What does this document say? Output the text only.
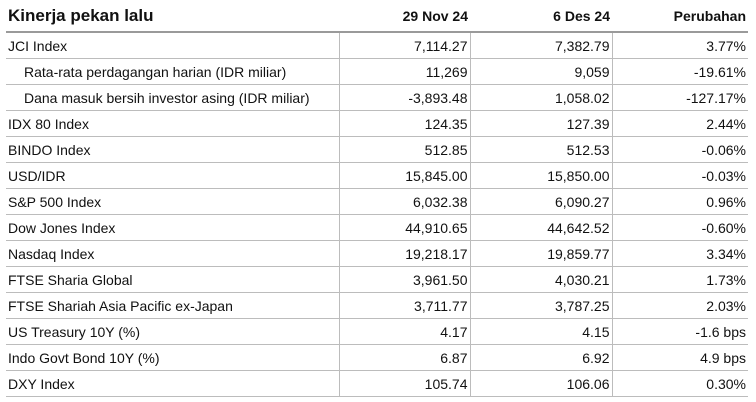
Kinerja pekan lalu	29 Nov 24	6 Des 24	Perubahan
JCI Index	7,114.27	7,382.79	3.77%
Rata-rata perdagangan harian (IDR miliar)	11,269	9,059	-19.61%
Dana masuk bersih investor asing (IDR miliar)	-3,893.48	1,058.02	-127.17%
IDX 80 Index	124.35	127.39	2.44%
BINDO Index	512.85	512.53	-0.06%
USD/IDR	15,845.00	15,850.00	-0.03%
S&P 500 Index	6,032.38	6,090.27	0.96%
Dow Jones Index	44,910.65	44,642.52	-0.60%
Nasdaq Index	19,218.17	19,859.77	3.34%
FTSE Sharia Global	3,961.50	4,030.21	1.73%
FTSE Shariah Asia Pacific ex-Japan	3,711.77	3,787.25	2.03%
US Treasury 10Y (%)	4.17	4.15	-1.6 bps
Indo Govt Bond 10Y (%)	6.87	6.92	4.9 bps
DXY Index	105.74	106.06	0.30%
